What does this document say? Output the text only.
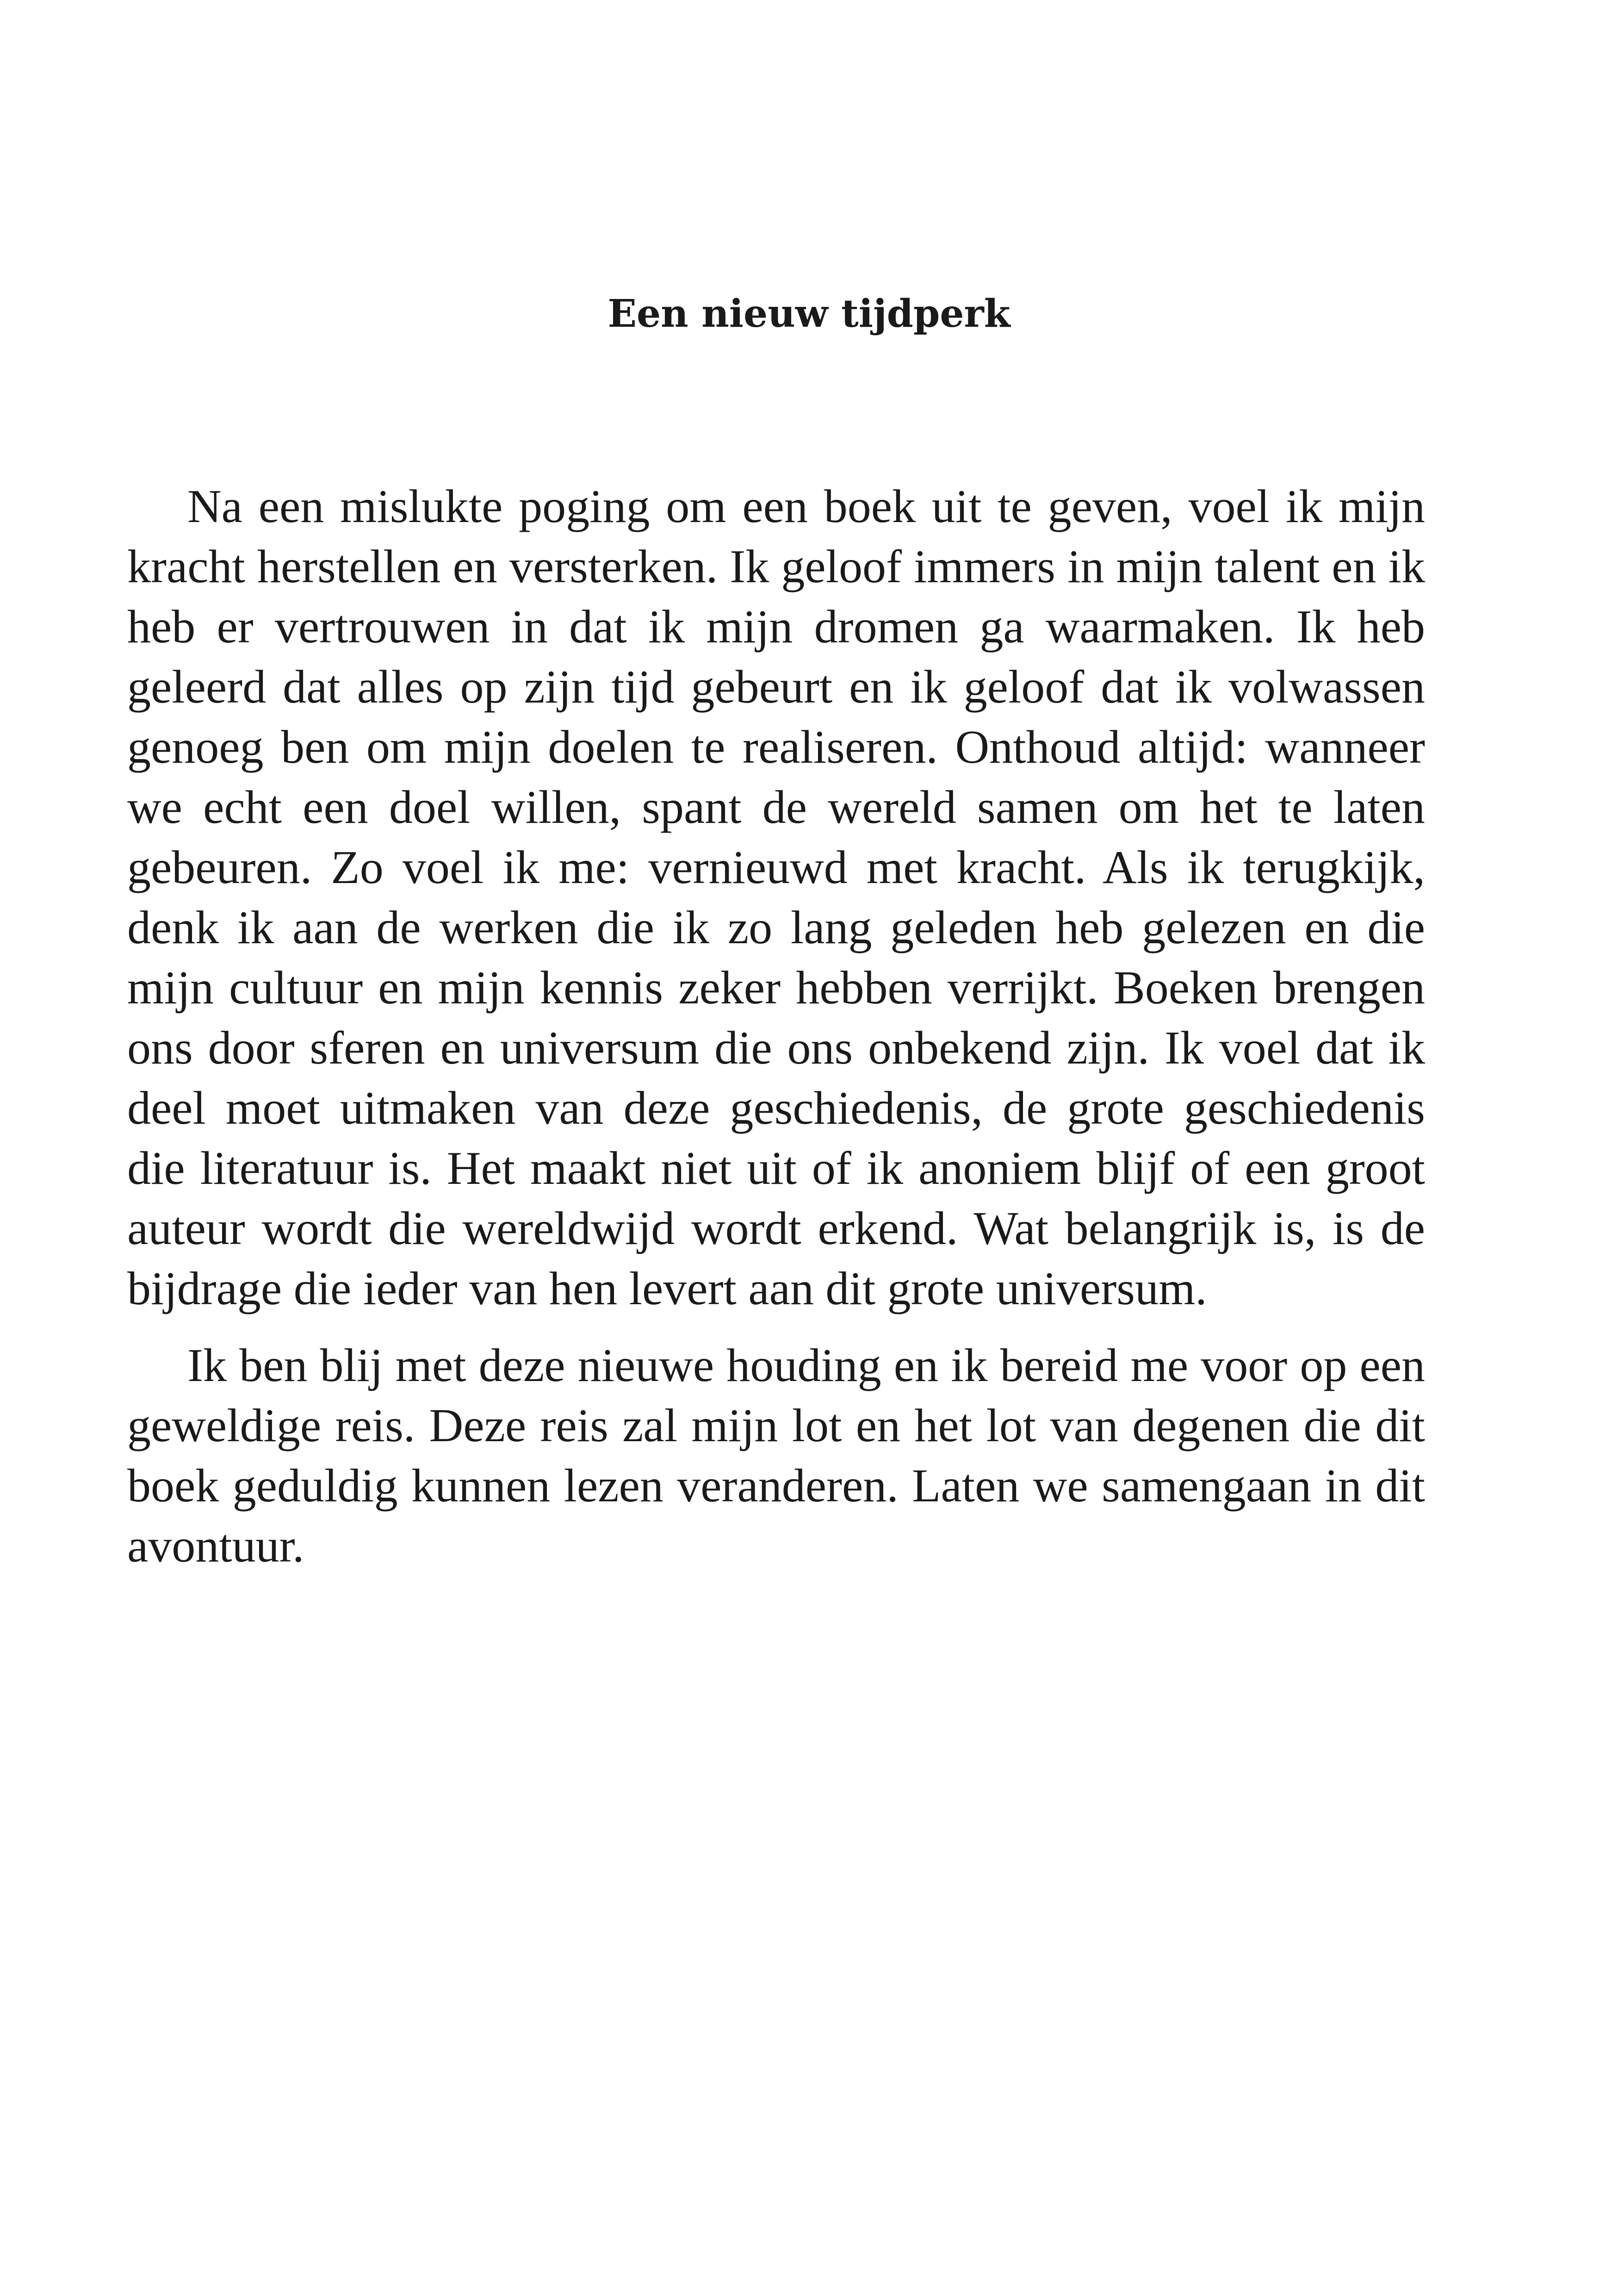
Een nieuw tijdperk

Na een mislukte poging om een boek uit te geven, voel ik mijn kracht herstellen en versterken. Ik geloof immers in mijn talent en ik heb er vertrouwen in dat ik mijn dromen ga waarmaken. Ik heb geleerd dat alles op zijn tijd gebeurt en ik geloof dat ik volwassen genoeg ben om mijn doelen te realiseren. Onthoud altijd: wanneer we echt een doel willen, spant de wereld samen om het te laten gebeuren. Zo voel ik me: vernieuwd met kracht. Als ik terugkijk, denk ik aan de werken die ik zo lang geleden heb gelezen en die mijn cultuur en mijn kennis zeker hebben verrijkt. Boeken brengen ons door sferen en universum die ons onbekend zijn. Ik voel dat ik deel moet uitmaken van deze geschiedenis, de grote geschiedenis die literatuur is. Het maakt niet uit of ik anoniem blijf of een groot auteur wordt die wereldwijd wordt erkend. Wat belangrijk is, is de bijdrage die ieder van hen levert aan dit grote universum.

Ik ben blij met deze nieuwe houding en ik bereid me voor op een geweldige reis. Deze reis zal mijn lot en het lot van degenen die dit boek geduldig kunnen lezen veranderen. Laten we samengaan in dit avontuur.
